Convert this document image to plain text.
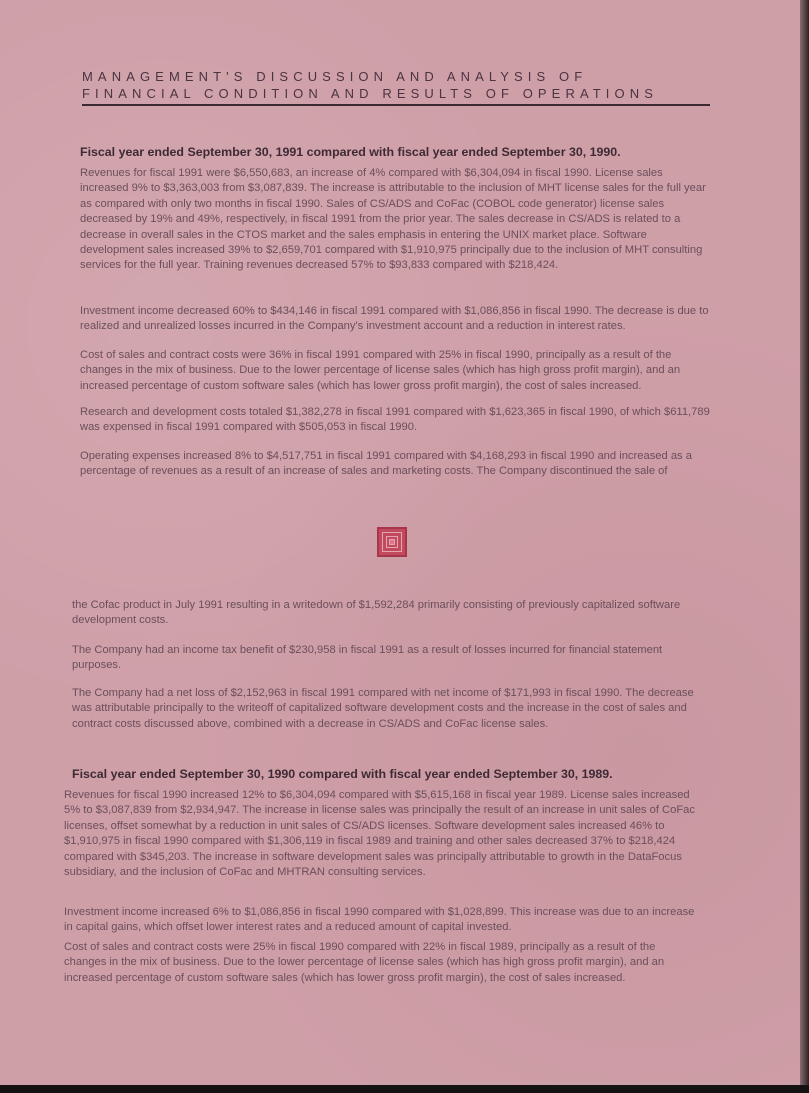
MANAGEMENT'S DISCUSSION AND ANALYSIS OF
FINANCIAL CONDITION AND RESULTS OF OPERATIONS
Fiscal year ended September 30, 1991 compared with fiscal year ended September 30, 1990.
Revenues for fiscal 1991 were $6,550,683, an increase of 4% compared with $6,304,094 in fiscal 1990. License sales increased 9% to $3,363,003 from $3,087,839. The increase is attributable to the inclusion of MHT license sales for the full year as compared with only two months in fiscal 1990. Sales of CS/ADS and CoFac (COBOL code generator) license sales decreased by 19% and 49%, respectively, in fiscal 1991 from the prior year. The sales decrease in CS/ADS is related to a decrease in overall sales in the CTOS market and the sales emphasis in entering the UNIX market place. Software development sales increased 39% to $2,659,701 compared with $1,910,975 principally due to the inclusion of MHT consulting services for the full year. Training revenues decreased 57% to $93,833 compared with $218,424.
Investment income decreased 60% to $434,146 in fiscal 1991 compared with $1,086,856 in fiscal 1990. The decrease is due to realized and unrealized losses incurred in the Company's investment account and a reduction in interest rates.
Cost of sales and contract costs were 36% in fiscal 1991 compared with 25% in fiscal 1990, principally as a result of the changes in the mix of business. Due to the lower percentage of license sales (which has high gross profit margin), and an increased percentage of custom software sales (which has lower gross profit margin), the cost of sales increased.
Research and development costs totaled $1,382,278 in fiscal 1991 compared with $1,623,365 in fiscal 1990, of which $611,789 was expensed in fiscal 1991 compared with $505,053 in fiscal 1990.
Operating expenses increased 8% to $4,517,751 in fiscal 1991 compared with $4,168,293 in fiscal 1990 and increased as a percentage of revenues as a result of an increase of sales and marketing costs. The Company discontinued the sale of
the Cofac product in July 1991 resulting in a writedown of $1,592,284 primarily consisting of previously capitalized software development costs.
The Company had an income tax benefit of $230,958 in fiscal 1991 as a result of losses incurred for financial statement purposes.
The Company had a net loss of $2,152,963 in fiscal 1991 compared with net income of $171,993 in fiscal 1990. The decrease was attributable principally to the writeoff of capitalized software development costs and the increase in the cost of sales and contract costs discussed above, combined with a decrease in CS/ADS and CoFac license sales.
Fiscal year ended September 30, 1990 compared with fiscal year ended September 30, 1989.
Revenues for fiscal 1990 increased 12% to $6,304,094 compared with $5,615,168 in fiscal year 1989. License sales increased 5% to $3,087,839 from $2,934,947. The increase in license sales was principally the result of an increase in unit sales of CoFac licenses, offset somewhat by a reduction in unit sales of CS/ADS licenses. Software development sales increased 46% to $1,910,975 in fiscal 1990 compared with $1,306,119 in fiscal 1989 and training and other sales decreased 37% to $218,424 compared with $345,203. The increase in software development sales was principally attributable to growth in the DataFocus subsidiary, and the inclusion of CoFac and MHTRAN consulting services.
Investment income increased 6% to $1,086,856 in fiscal 1990 compared with $1,028,899. This increase was due to an increase in capital gains, which offset lower interest rates and a reduced amount of capital invested.
Cost of sales and contract costs were 25% in fiscal 1990 compared with 22% in fiscal 1989, principally as a result of the changes in the mix of business. Due to the lower percentage of license sales (which has high gross profit margin), and an increased percentage of custom software sales (which has lower gross profit margin), the cost of sales increased.
